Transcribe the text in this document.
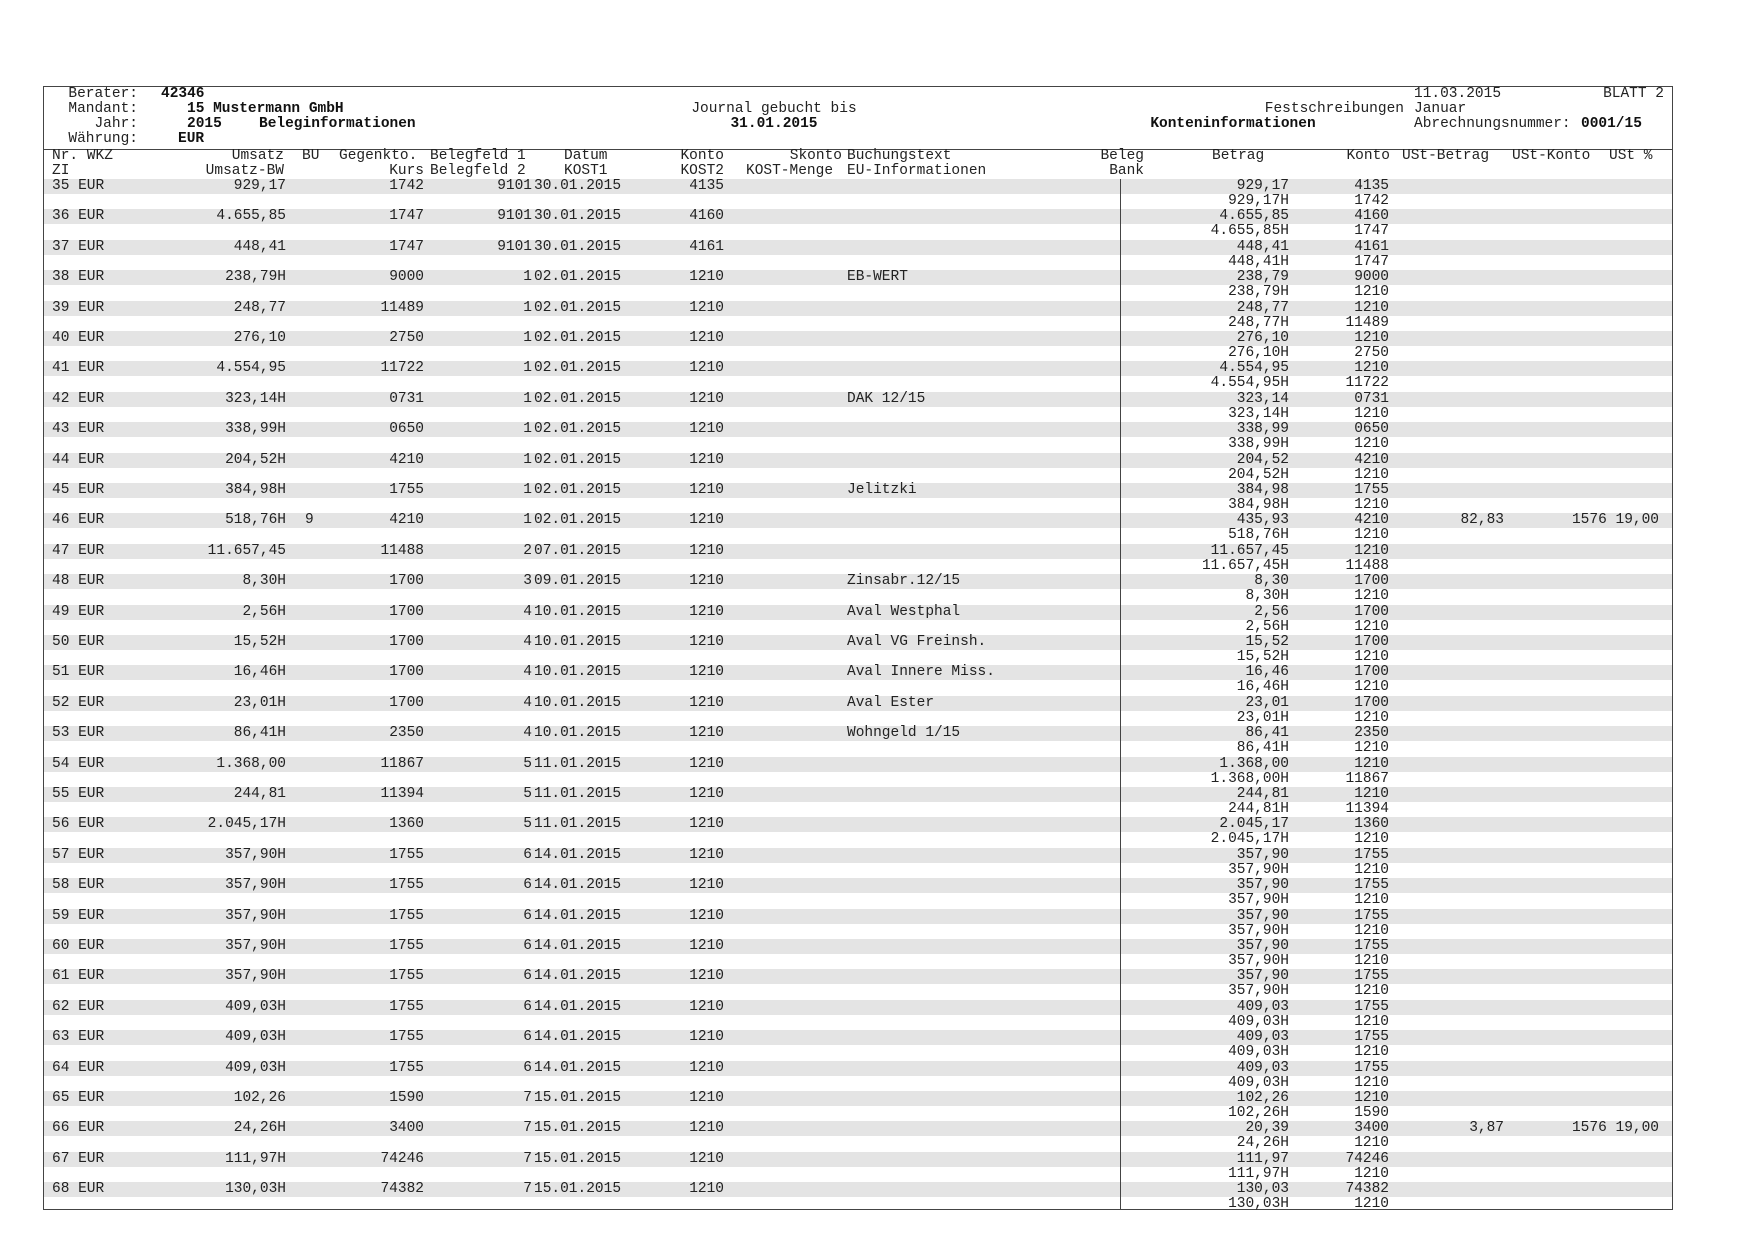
Berater: 42346
Mandant:	15 Mustermann GmbH
Jahr:	2015	Beleginformationen
Währung:	EUR
Journal gebucht bis
31.01.2015
Festschreibungen
Konteninformationen
11.03.2015	BLATT 2
Januar
Abrechnungsnummer: 0001/15
Nr. WKZ	Umsatz BU Gegenkto. Belegfeld 1	Datum	Konto	Skonto Buchungstext	Beleg	Betrag	Konto USt-Betrag USt-Konto USt %
ZI	Umsatz-BW	Kurs Belegfeld 2	KOST1	KOST2 KOST-Menge EU-Informationen	Bank
35 EUR	929,17	1742	9101 30.01.2015	4135	929,17	4135
929,17H	1742
36 EUR	4.655,85	1747	9101 30.01.2015	4160	4.655,85	4160
4.655,85H	1747
37 EUR	448,41	1747	9101 30.01.2015	4161	448,41	4161
448,41H	1747
38 EUR	238,79H	9000	1 02.01.2015	1210	EB-WERT	238,79	9000
238,79H	1210
39 EUR	248,77	11489	1 02.01.2015	1210	248,77	1210
248,77H	11489
40 EUR	276,10	2750	1 02.01.2015	1210	276,10	1210
276,10H	2750
41 EUR	4.554,95	11722	1 02.01.2015	1210	4.554,95	1210
4.554,95H	11722
42 EUR	323,14H	0731	1 02.01.2015	1210	DAK 12/15	323,14	0731
323,14H	1210
43 EUR	338,99H	0650	1 02.01.2015	1210	338,99	0650
338,99H	1210
44 EUR	204,52H	4210	1 02.01.2015	1210	204,52	4210
204,52H	1210
45 EUR	384,98H	1755	1 02.01.2015	1210	Jelitzki	384,98	1755
384,98H	1210
46 EUR	518,76H 9	4210	1 02.01.2015	1210	435,93	4210	82,83	1576 19,00
518,76H	1210
47 EUR	11.657,45	11488	2 07.01.2015	1210	11.657,45	1210
11.657,45H	11488
48 EUR	8,30H	1700	3 09.01.2015	1210	Zinsabr.12/15	8,30	1700
8,30H	1210
49 EUR	2,56H	1700	4 10.01.2015	1210	Aval Westphal	2,56	1700
2,56H	1210
50 EUR	15,52H	1700	4 10.01.2015	1210	Aval VG Freinsh.	15,52	1700
15,52H	1210
51 EUR	16,46H	1700	4 10.01.2015	1210	Aval Innere Miss.	16,46	1700
16,46H	1210
52 EUR	23,01H	1700	4 10.01.2015	1210	Aval Ester	23,01	1700
23,01H	1210
53 EUR	86,41H	2350	4 10.01.2015	1210	Wohngeld 1/15	86,41	2350
86,41H	1210
54 EUR	1.368,00	11867	5 11.01.2015	1210	1.368,00	1210
1.368,00H	11867
55 EUR	244,81	11394	5 11.01.2015	1210	244,81	1210
244,81H	11394
56 EUR	2.045,17H	1360	5 11.01.2015	1210	2.045,17	1360
2.045,17H	1210
57 EUR	357,90H	1755	6 14.01.2015	1210	357,90	1755
357,90H	1210
58 EUR	357,90H	1755	6 14.01.2015	1210	357,90	1755
357,90H	1210
59 EUR	357,90H	1755	6 14.01.2015	1210	357,90	1755
357,90H	1210
60 EUR	357,90H	1755	6 14.01.2015	1210	357,90	1755
357,90H	1210
61 EUR	357,90H	1755	6 14.01.2015	1210	357,90	1755
357,90H	1210
62 EUR	409,03H	1755	6 14.01.2015	1210	409,03	1755
409,03H	1210
63 EUR	409,03H	1755	6 14.01.2015	1210	409,03	1755
409,03H	1210
64 EUR	409,03H	1755	6 14.01.2015	1210	409,03	1755
409,03H	1210
65 EUR	102,26	1590	7 15.01.2015	1210	102,26	1210
102,26H	1590
66 EUR	24,26H	3400	7 15.01.2015	1210	20,39	3400	3,87	1576 19,00
24,26H	1210
67 EUR	111,97H	74246	7 15.01.2015	1210	111,97	74246
111,97H	1210
68 EUR	130,03H	74382	7 15.01.2015	1210	130,03	74382
130,03H	1210
